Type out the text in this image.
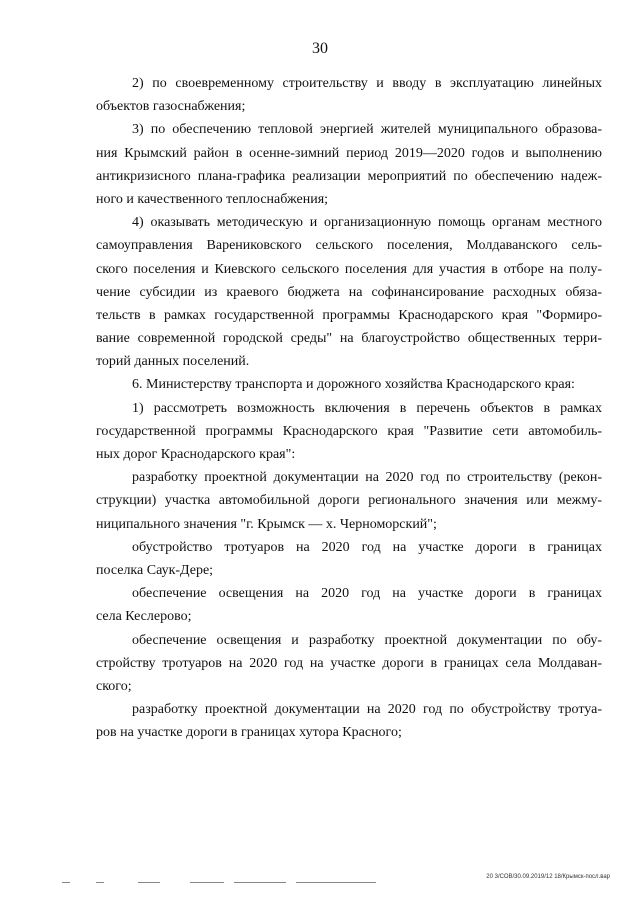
30
2) по своевременному строительству и вводу в эксплуатацию линейных
объектов газоснабжения;
3) по обеспечению тепловой энергией жителей муниципального образова-
ния Крымский район в осенне-зимний период 2019—2020 годов и выполнению
антикризисного плана-графика реализации мероприятий по обеспечению надеж-
ного и качественного теплоснабжения;
4) оказывать методическую и организационную помощь органам местного
самоуправления Варениковского сельского поселения, Молдаванского сель-
ского поселения и Киевского сельского поселения для участия в отборе на полу-
чение субсидии из краевого бюджета на софинансирование расходных обяза-
тельств в рамках государственной программы Краснодарского края "Формиро-
вание современной городской среды" на благоустройство общественных терри-
торий данных поселений.
6. Министерству транспорта и дорожного хозяйства Краснодарского края:
1) рассмотреть возможность включения в перечень объектов в рамках
государственной программы Краснодарского края "Развитие сети автомобиль-
ных дорог Краснодарского края":
разработку проектной документации на 2020 год по строительству (рекон-
струкции) участка автомобильной дороги регионального значения или межму-
ниципального значения "г. Крымск — х. Черноморский";
обустройство тротуаров на 2020 год на участке дороги в границах
поселка Саук-Дере;
обеспечение освещения на 2020 год на участке дороги в границах
села Кеслерово;
обеспечение освещения и разработку проектной документации по обу-
стройству тротуаров на 2020 год на участке дороги в границах села Молдаван-
ского;
разработку проектной документации на 2020 год по обустройству тротуа-
ров на участке дороги в границах хутора Красного;
20 3/СОВ/30.09.2019/12 18/Крымск-посл.вар
